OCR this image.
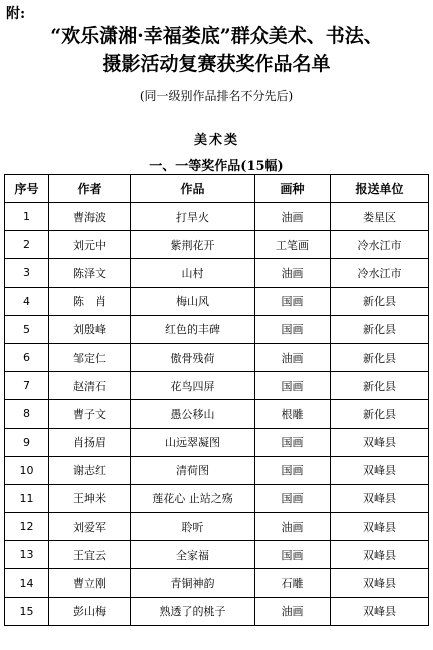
附:
“欢乐潇湘·幸福娄底”群众美术、书法、
摄影活动复赛获奖作品名单
(同一级别作品排名不分先后)
美术类
一、一等奖作品(15幅)
序号	作者	作品	画种	报送单位
1	曹海波	打旱火	油画	娄星区
2	刘元中	紫荆花开	工笔画	冷水江市
3	陈泽文	山村	油画	冷水江市
4	陈　肖	梅山风	国画	新化县
5	刘殷峰	红色的丰碑	国画	新化县
6	邹定仁	傲骨残荷	油画	新化县
7	赵清石	花鸟四屏	国画	新化县
8	曹子文	愚公移山	根雕	新化县
9	肖扬眉	山远翠凝图	国画	双峰县
10	谢志红	清荷图	国画	双峰县
11	王坤米	莲花心 止站之殇	国画	双峰县
12	刘爱军	聆听	油画	双峰县
13	王宜云	全家福	国画	双峰县
14	曹立刚	青铜神韵	石雕	双峰县
15	彭山梅	熟透了的桃子	油画	双峰县
